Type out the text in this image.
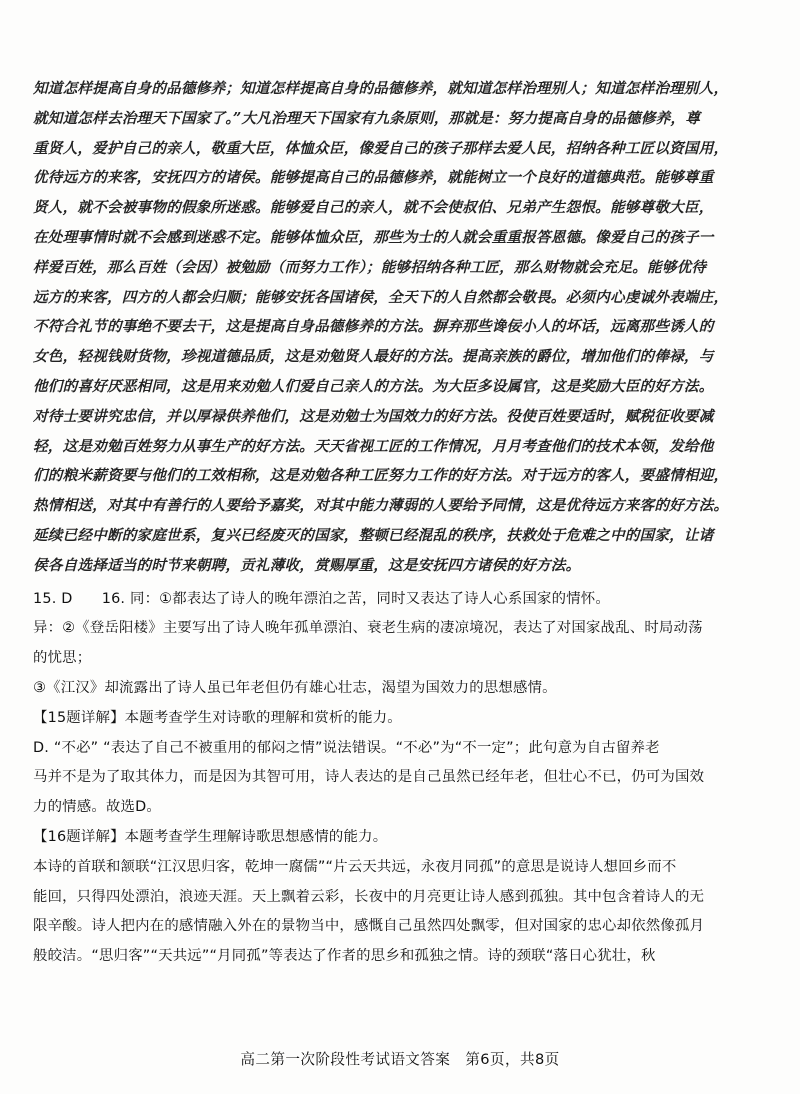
知道怎样提高自身的品德修养；知道怎样提高自身的品德修养，就知道怎样治理别人；知道怎样治理别人，
就知道怎样去治理天下国家了。”大凡治理天下国家有九条原则，那就是：努力提高自身的品德修养，尊
重贤人，爱护自己的亲人，敬重大臣，体恤众臣，像爱自己的孩子那样去爱人民，招纳各种工匠以资国用，
优待远方的来客，安抚四方的诸侯。能够提高自己的品德修养，就能树立一个良好的道德典范。能够尊重
贤人，就不会被事物的假象所迷惑。能够爱自己的亲人，就不会使叔伯、兄弟产生怨恨。能够尊敬大臣，
在处理事情时就不会感到迷惑不定。能够体恤众臣，那些为士的人就会重重报答恩德。像爱自己的孩子一
样爱百姓，那么百姓（会因）被勉励（而努力工作）；能够招纳各种工匠，那么财物就会充足。能够优待
远方的来客，四方的人都会归顺；能够安抚各国诸侯，全天下的人自然都会敬畏。必须内心虔诚外表端庄，
不符合礼节的事绝不要去干，这是提高自身品德修养的方法。摒弃那些谗佞小人的坏话，远离那些诱人的
女色，轻视钱财货物，珍视道德品质，这是劝勉贤人最好的方法。提高亲族的爵位，增加他们的俸禄，与
他们的喜好厌恶相同，这是用来劝勉人们爱自己亲人的方法。为大臣多设属官，这是奖励大臣的好方法。
对待士要讲究忠信，并以厚禄供养他们，这是劝勉士为国效力的好方法。役使百姓要适时，赋税征收要减
轻，这是劝勉百姓努力从事生产的好方法。天天省视工匠的工作情况，月月考查他们的技术本领，发给他
们的粮米薪资要与他们的工效相称，这是劝勉各种工匠努力工作的好方法。对于远方的客人，要盛情相迎，
热情相送，对其中有善行的人要给予嘉奖，对其中能力薄弱的人要给予同情，这是优待远方来客的好方法。
延续已经中断的家庭世系，复兴已经废灭的国家，整顿已经混乱的秩序，扶救处于危难之中的国家，让诸
侯各自选择适当的时节来朝聘，贡礼薄收，赏赐厚重，这是安抚四方诸侯的好方法。
15. D　　16. 同：①都表达了诗人的晚年漂泊之苦，同时又表达了诗人心系国家的情怀。
异：②《登岳阳楼》主要写出了诗人晚年孤单漂泊、衰老生病的凄凉境况，表达了对国家战乱、时局动荡
的忧思；
③《江汉》却流露出了诗人虽已年老但仍有雄心壮志，渴望为国效力的思想感情。
【15题详解】本题考查学生对诗歌的理解和赏析的能力。
D. “不必” “表达了自己不被重用的郁闷之情”说法错误。“不必”为“不一定”；此句意为自古留养老
马并不是为了取其体力，而是因为其智可用，诗人表达的是自己虽然已经年老，但壮心不已，仍可为国效
力的情感。故选D。
【16题详解】本题考查学生理解诗歌思想感情的能力。
本诗的首联和颔联“江汉思归客，乾坤一腐儒”“片云天共远，永夜月同孤”的意思是说诗人想回乡而不
能回，只得四处漂泊，浪迹天涯。天上飘着云彩，长夜中的月亮更让诗人感到孤独。其中包含着诗人的无
限辛酸。诗人把内在的感情融入外在的景物当中，感慨自己虽然四处飘零，但对国家的忠心却依然像孤月
般皎洁。“思归客”“天共远”“月同孤”等表达了作者的思乡和孤独之情。诗的颈联“落日心犹壮，秋
高二第一次阶段性考试语文答案　第6页，共8页
